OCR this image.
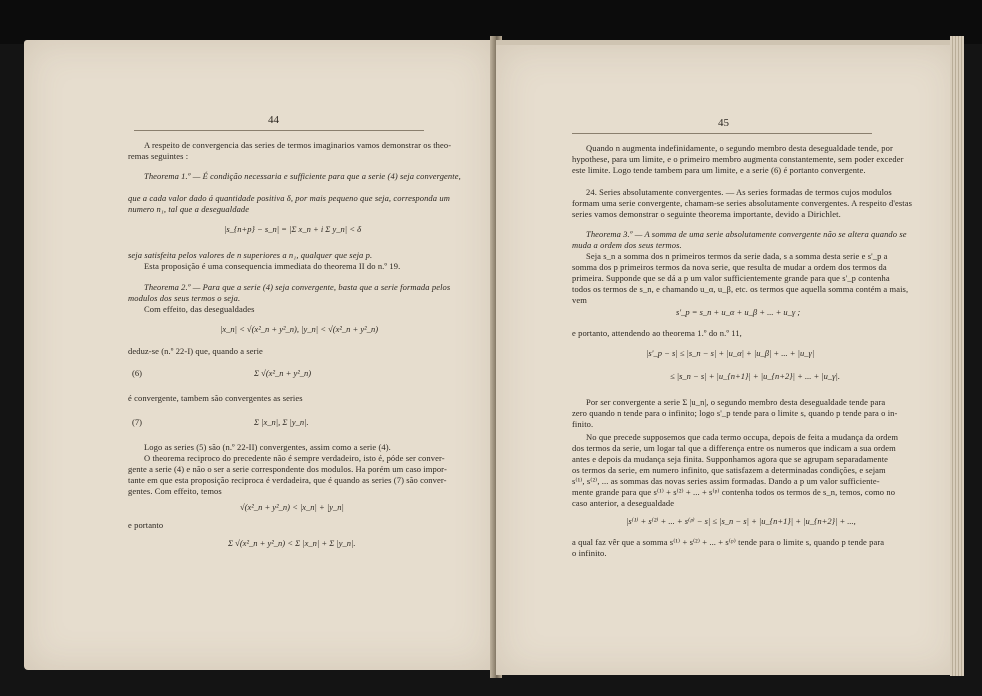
44
A respeito de convergencia das series de termos imaginarios vamos demonstrar os theo-
remas seguintes :
Theorema 1.º — É condição necessaria e sufficiente para que a serie (4) seja convergente,
que a cada valor dado á quantidade positiva δ, por mais pequeno que seja, corresponda um
numero n₁, tal que a desegualdade
|s_{n+p} − s_n| = |Σ x_n + i Σ y_n| < δ
seja satisfeita pelos valores de n superiores a n₁, qualquer que seja p.
Esta proposição é uma consequencia immediata do theorema II do n.º 19.
Theorema 2.º — Para que a serie (4) seja convergente, basta que a serie formada pelos
modulos dos seus termos o seja.
Com effeito, das desegualdades
|x_n| < √(x²_n + y²_n), |y_n| < √(x²_n + y²_n)
deduz-se (n.º 22-I) que, quando a serie
(6)	Σ √(x²_n + y²_n)
é convergente, tambem são convergentes as series
(7)	Σ |x_n|, Σ |y_n|.
Logo as series (5) são (n.º 22-II) convergentes, assim como a serie (4).
O theorema reciproco do precedente não é sempre verdadeiro, isto é, póde ser conver-
gente a serie (4) e não o ser a serie correspondente dos modulos. Ha porém um caso impor-
tante em que esta proposição reciproca é verdadeira, que é quando as series (7) são conver-
gentes. Com effeito, temos
√(x²_n + y²_n) < |x_n| + |y_n|
e portanto
Σ √(x²_n + y²_n) < Σ |x_n| + Σ |y_n|.
45
Quando n augmenta indefinidamente, o segundo membro desta desegualdade tende, por
hypothese, para um limite, e o primeiro membro augmenta constantemente, sem poder exceder
este limite. Logo tende tambem para um limite, e a serie (6) é portanto convergente.
24. Series absolutamente convergentes. — As series formadas de termos cujos modulos
formam uma serie convergente, chamam-se series absolutamente convergentes. A respeito d'estas
series vamos demonstrar o seguinte theorema importante, devido a Dirichlet.
Theorema 3.º — A somma de uma serie absolutamente convergente não se altera quando se
muda a ordem dos seus termos.
Seja s_n a somma dos n primeiros termos da serie dada, s a somma desta serie e s'_p a
somma dos p primeiros termos da nova serie, que resulta de mudar a ordem dos termos da
primeira. Supponde que se dá a p um valor sufficientemente grande para que s'_p contenha
todos os termos de s_n, e chamando u_α, u_β, etc. os termos que aquella somma contém a mais,
vem
s'_p = s_n + u_α + u_β + ... + u_γ ;
e portanto, attendendo ao theorema 1.º do n.º 11,
|s'_p − s| ≤ |s_n − s| + |u_α| + |u_β| + ... + |u_γ|
≤ |s_n − s| + |u_{n+1}| + |u_{n+2}| + ... + |u_γ|.
Por ser convergente a serie Σ |u_n|, o segundo membro desta desegualdade tende para
zero quando n tende para o infinito; logo s'_p tende para o limite s, quando p tende para o in-
finito.
No que precede supposemos que cada termo occupa, depois de feita a mudança da ordem
dos termos da serie, um logar tal que a differença entre os numeros que indicam a sua ordem
antes e depois da mudança seja finita. Supponhamos agora que se agrupam separadamente
os termos da serie, em numero infinito, que satisfazem a determinadas condições, e sejam
s⁽¹⁾, s⁽²⁾, ... as sommas das novas series assim formadas. Dando a p um valor sufficiente-
mente grande para que s⁽¹⁾ + s⁽²⁾ + ... + s⁽ᵖ⁾ contenha todos os termos de s_n, temos, como no
caso anterior, a desegualdade
|s⁽¹⁾ + s⁽²⁾ + ... + s⁽ᵖ⁾ − s| ≤ |s_n − s| + |u_{n+1}| + |u_{n+2}| + ...,
a qual faz vêr que a somma s⁽¹⁾ + s⁽²⁾ + ... + s⁽ᵖ⁾ tende para o limite s, quando p tende para
o infinito.
